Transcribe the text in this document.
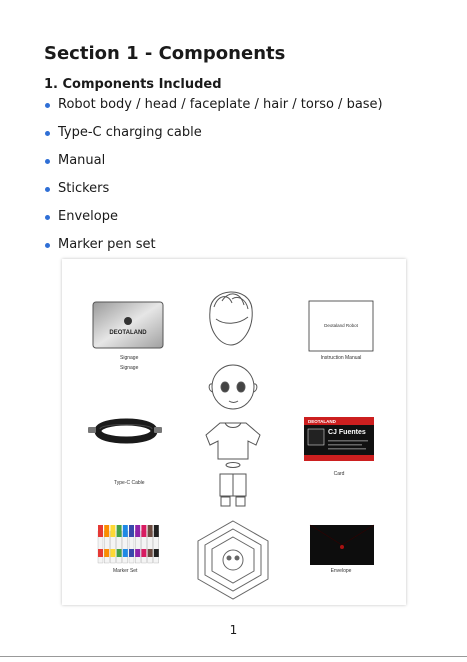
Section 1 - Components
1. Components Included
Robot body / head / faceplate / hair / torso / base)
Type-C charging cable
Manual
Stickers
Envelope
Marker pen set
DEOTALAND
Deotaland Robot
DEOTALAND
CJ Fuentes
Signage
Signage
Instruction Manual
Type-C Cable
Card
Marker Set	Envelope
1
